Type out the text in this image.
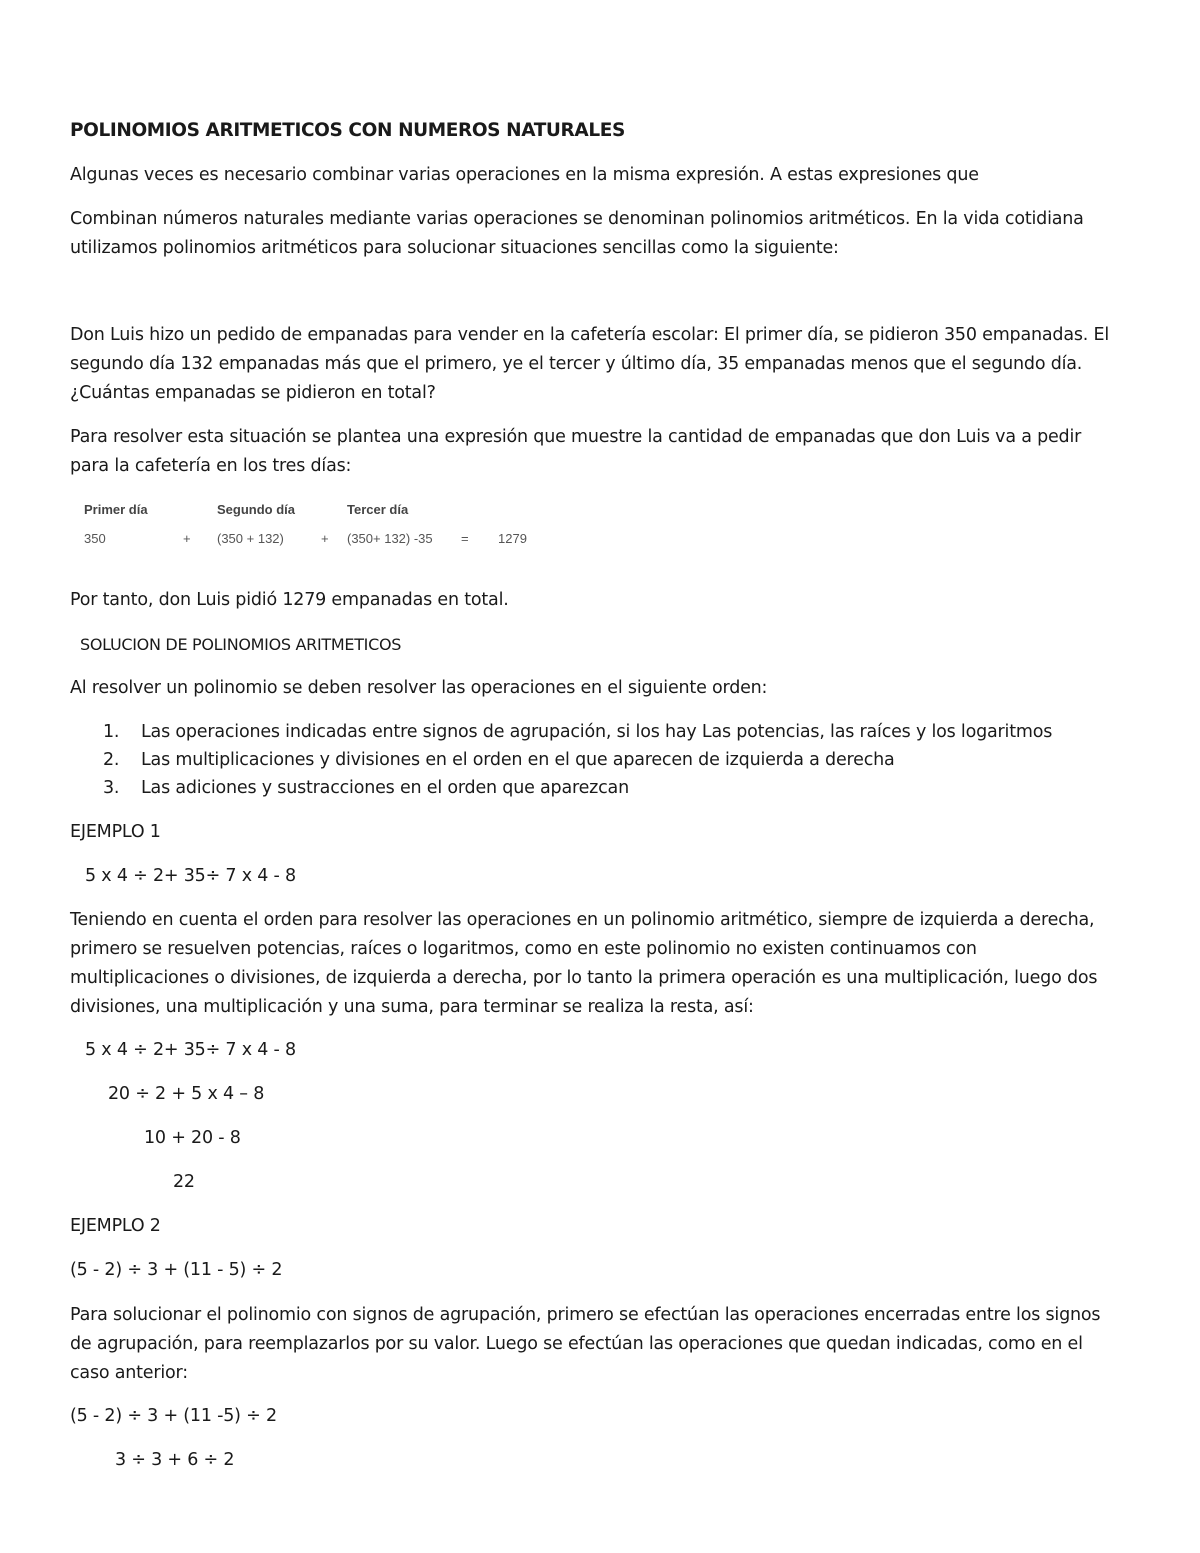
POLINOMIOS ARITMETICOS CON NUMEROS NATURALES
Algunas veces es necesario combinar varias operaciones en la misma expresión. A estas expresiones que
Combinan números naturales mediante varias operaciones se denominan polinomios aritméticos. En la vida cotidiana
utilizamos polinomios aritméticos para solucionar situaciones sencillas como la siguiente:
Don Luis hizo un pedido de empanadas para vender en la cafetería escolar: El primer día, se pidieron 350 empanadas. El
segundo día 132 empanadas más que el primero, ye el tercer y último día, 35 empanadas menos que el segundo día.
¿Cuántas empanadas se pidieron en total?
Para resolver esta situación se plantea una expresión que muestre la cantidad de empanadas que don Luis va a pedir
para la cafetería en los tres días:
Primer día	Segundo día	Tercer día
350	+ (350 + 132)	+ (350+ 132) -35 = 1279
Por tanto, don Luis pidió 1279 empanadas en total.
SOLUCION DE POLINOMIOS ARITMETICOS
Al resolver un polinomio se deben resolver las operaciones en el siguiente orden:
1. Las operaciones indicadas entre signos de agrupación, si los hay Las potencias, las raíces y los logaritmos
2. Las multiplicaciones y divisiones en el orden en el que aparecen de izquierda a derecha
3. Las adiciones y sustracciones en el orden que aparezcan
EJEMPLO 1
5 x 4 ÷ 2+ 35÷ 7 x 4 - 8
Teniendo en cuenta el orden para resolver las operaciones en un polinomio aritmético, siempre de izquierda a derecha,
primero se resuelven potencias, raíces o logaritmos, como en este polinomio no existen continuamos con
multiplicaciones o divisiones, de izquierda a derecha, por lo tanto la primera operación es una multiplicación, luego dos
divisiones, una multiplicación y una suma, para terminar se realiza la resta, así:
5 x 4 ÷ 2+ 35÷ 7 x 4 - 8
20 ÷ 2 + 5 x 4 – 8
10 + 20 - 8
22
EJEMPLO 2
(5 - 2) ÷ 3 + (11 - 5) ÷ 2
Para solucionar el polinomio con signos de agrupación, primero se efectúan las operaciones encerradas entre los signos
de agrupación, para reemplazarlos por su valor. Luego se efectúan las operaciones que quedan indicadas, como en el
caso anterior:
(5 - 2) ÷ 3 + (11 -5) ÷ 2
3 ÷ 3 + 6 ÷ 2
